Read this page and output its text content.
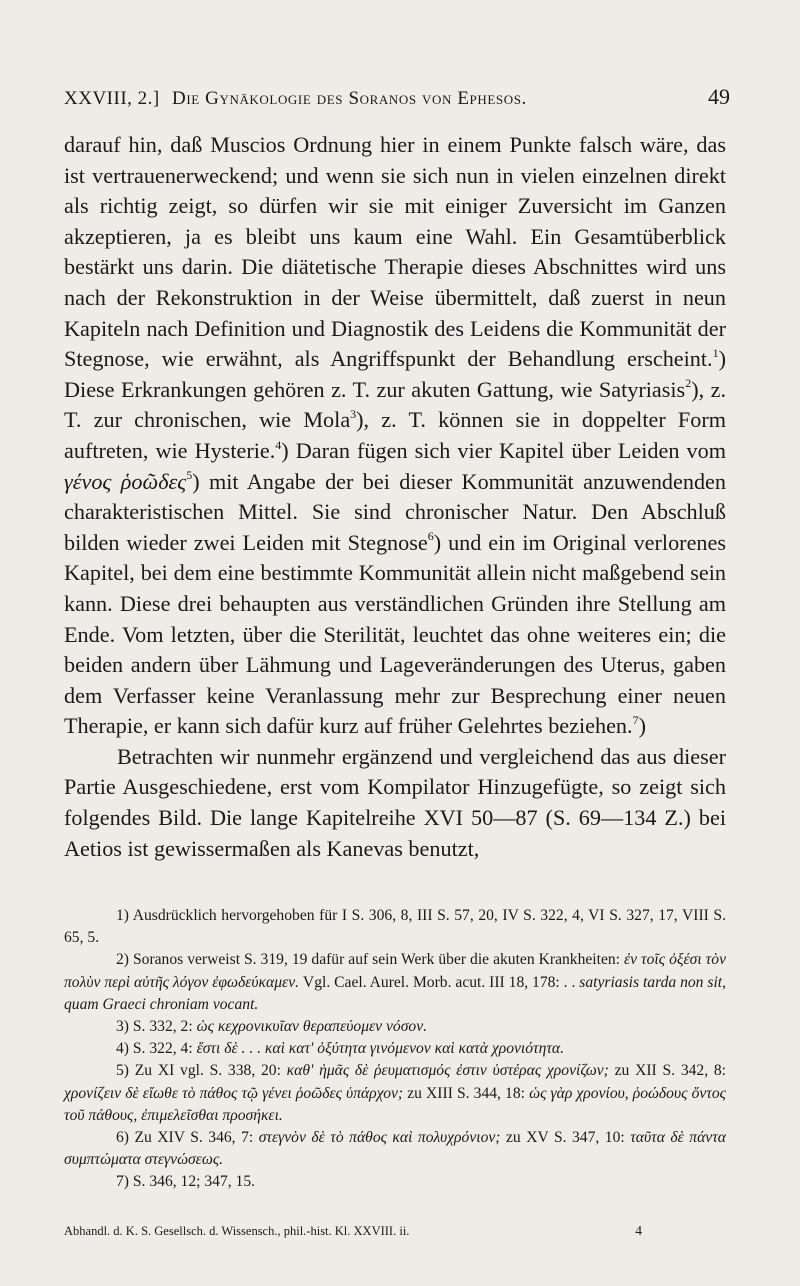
XXVIII, 2.] Die Gynäkologie des Soranos von Ephesos.	49

darauf hin, daß Muscios Ordnung hier in einem Punkte falsch wäre, das ist vertrauenerweckend; und wenn sie sich nun in vielen einzelnen direkt als richtig zeigt, so dürfen wir sie mit einiger Zuversicht im Ganzen akzeptieren, ja es bleibt uns kaum eine Wahl. Ein Gesamtüberblick bestärkt uns darin. Die diätetische Therapie dieses Abschnittes wird uns nach der Rekonstruktion in der Weise übermittelt, daß zuerst in neun Kapiteln nach Definition und Diagnostik des Leidens die Kommunität der Stegnose, wie erwähnt, als Angriffspunkt der Behandlung erscheint.$^1$) Diese Erkrankungen gehören z. T. zur akuten Gattung, wie Satyriasis$^2$), z. T. zur chronischen, wie Mola$^3$), z. T. können sie in doppelter Form auftreten, wie Hysterie.$^4$) Daran fügen sich vier Kapitel über Leiden vom γένος ῥοῶδες$^5$) mit Angabe der bei dieser Kommunität anzuwendenden charakteristischen Mittel. Sie sind chronischer Natur. Den Abschluß bilden wieder zwei Leiden mit Stegnose$^6$) und ein im Original verlorenes Kapitel, bei dem eine bestimmte Kommunität allein nicht maßgebend sein kann. Diese drei behaupten aus verständlichen Gründen ihre Stellung am Ende. Vom letzten, über die Sterilität, leuchtet das ohne weiteres ein; die beiden andern über Lähmung und Lageveränderungen des Uterus, gaben dem Verfasser keine Veranlassung mehr zur Besprechung einer neuen Therapie, er kann sich dafür kurz auf früher Gelehrtes beziehen.$^7$)

Betrachten wir nunmehr ergänzend und vergleichend das aus dieser Partie Ausgeschiedene, erst vom Kompilator Hinzugefügte, so zeigt sich folgendes Bild. Die lange Kapitelreihe XVI 50—87 (S. 69—134 Z.) bei Aetios ist gewissermaßen als Kanevas benutzt,

1) Ausdrücklich hervorgehoben für I S. 306, 8, III S. 57, 20, IV S. 322, 4, VI S. 327, 17, VIII S. 65, 5.

2) Soranos verweist S. 319, 19 dafür auf sein Werk über die akuten Krankheiten: ἐν τοῖς ὀξέσι τὸν πολὺν περὶ αὐτῆς λόγον ἐφωδεύκαμεν. Vgl. Cael. Aurel. Morb. acut. III 18, 178: . . satyriasis tarda non sit, quam Graeci chroniam vocant.

3) S. 332, 2: ὡς κεχρονικυῖαν θεραπεύομεν νόσον.

4) S. 322, 4: ἔστι δὲ . . . καὶ κατ' ὀξύτητα γινόμενον καὶ κατὰ χρονιότητα.

5) Zu XI vgl. S. 338, 20: καθ' ἡμᾶς δὲ ῥευματισμός ἐστιν ὑστέρας χρονίζων; zu XII S. 342, 8: χρονίζειν δὲ εἴωθε τὸ πάθος τῷ γένει ῥοῶδες ὑπάρχον; zu XIII S. 344, 18: ὡς γὰρ χρονίου, ῥοώδους ὄντος τοῦ πάθους, ἐπιμελεῖσθαι προσήκει.

6) Zu XIV S. 346, 7: στεγνὸν δὲ τὸ πάθος καὶ πολυχρόνιον; zu XV S. 347, 10: ταῦτα δὲ πάντα συμπτώματα στεγνώσεως.

7) S. 346, 12; 347, 15.

Abhandl. d. K. S. Gesellsch. d. Wissensch., phil.-hist. Kl. XXVIII. ii.	4
